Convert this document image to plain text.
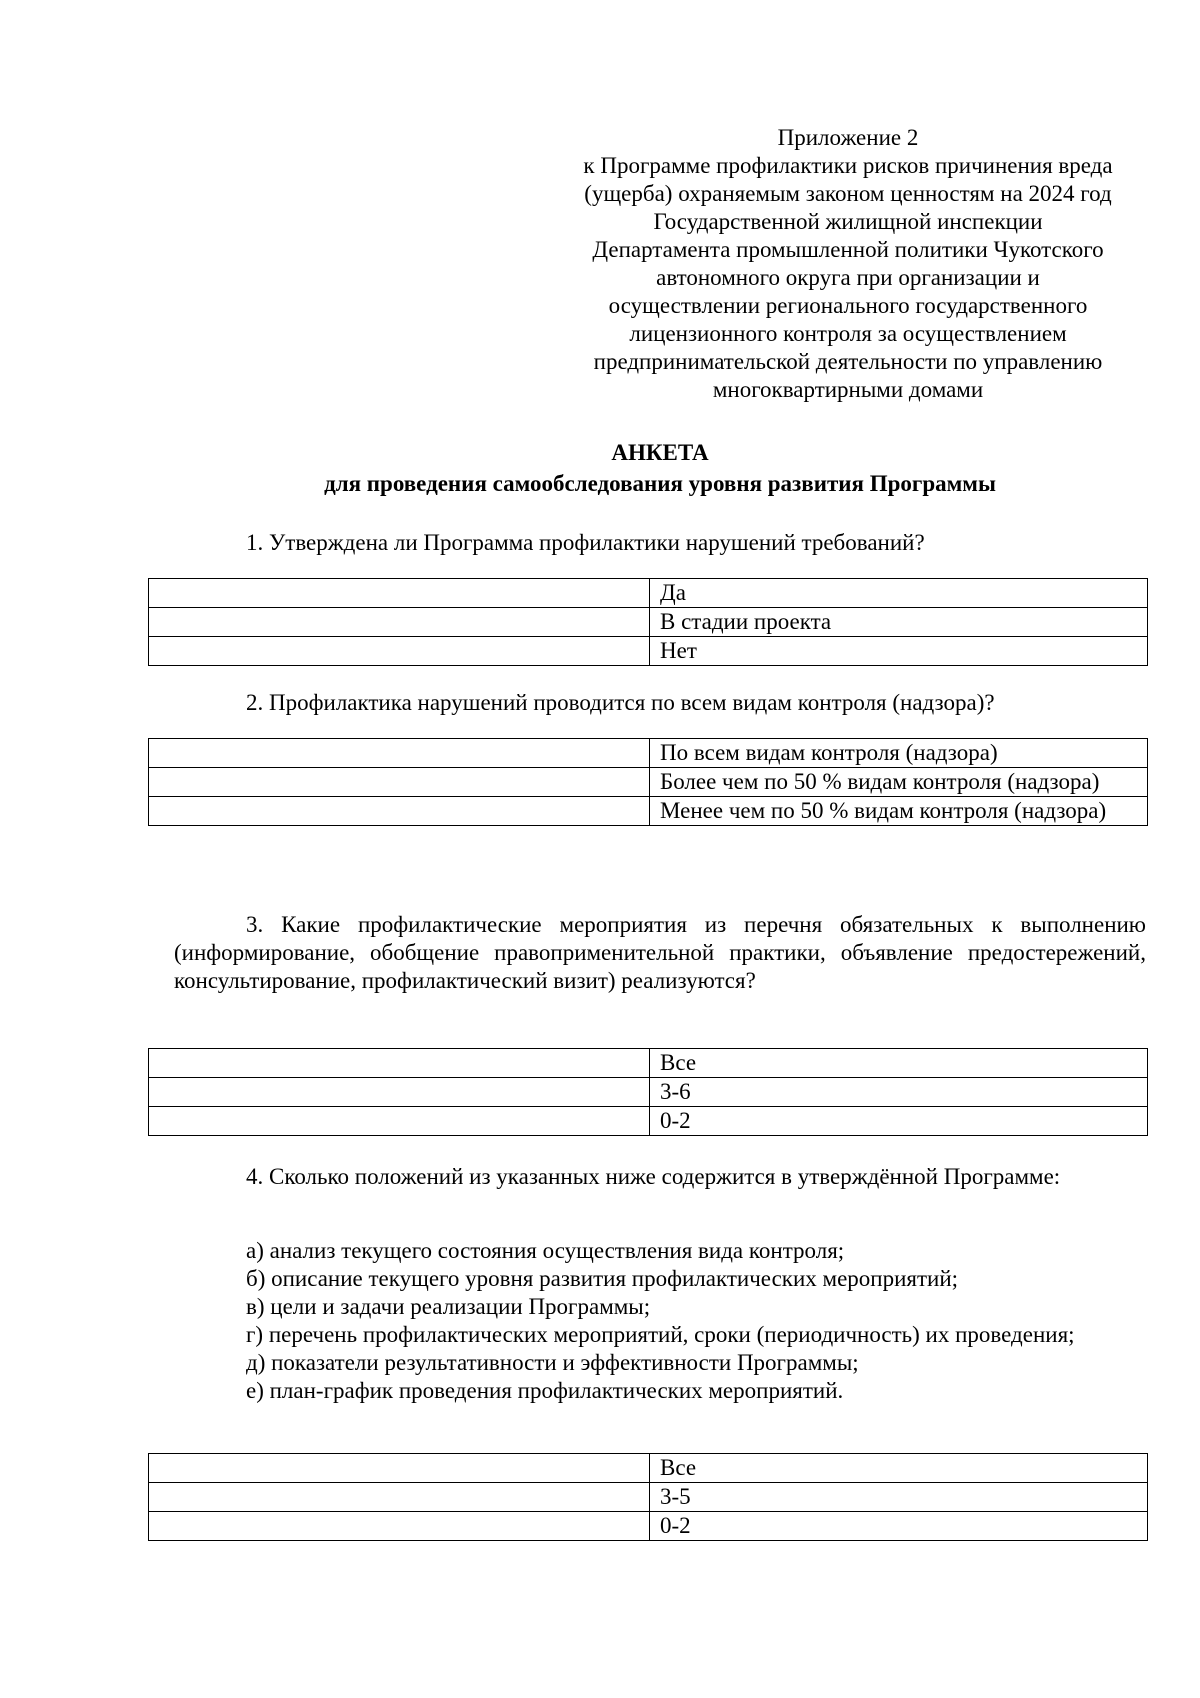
Приложение 2
к Программе профилактики рисков причинения вреда
(ущерба) охраняемым законом ценностям на 2024 год
Государственной жилищной инспекции
Департамента промышленной политики Чукотского
автономного округа при организации и
осуществлении регионального государственного
лицензионного контроля за осуществлением
предпринимательской деятельности по управлению
многоквартирными домами
АНКЕТА
для проведения самообследования уровня развития Программы
1. Утверждена ли Программа профилактики нарушений требований?
	Да
	В стадии проекта
	Нет
2. Профилактика нарушений проводится по всем видам контроля (надзора)?
	По всем видам контроля (надзора)
	Более чем по 50 % видам контроля (надзора)
	Менее чем по 50 % видам контроля (надзора)
3. Какие профилактические мероприятия из перечня обязательных к выполнению (информирование, обобщение правоприменительной практики, объявление предостережений, консультирование, профилактический визит) реализуются?
	Все
	3-6
	0-2
4. Сколько положений из указанных ниже содержится в утверждённой Программе:
а) анализ текущего состояния осуществления вида контроля;
б) описание текущего уровня развития профилактических мероприятий;
в) цели и задачи реализации Программы;
г) перечень профилактических мероприятий, сроки (периодичность) их проведения;
д) показатели результативности и эффективности Программы;
е) план-график проведения профилактических мероприятий.
	Все
	3-5
	0-2
